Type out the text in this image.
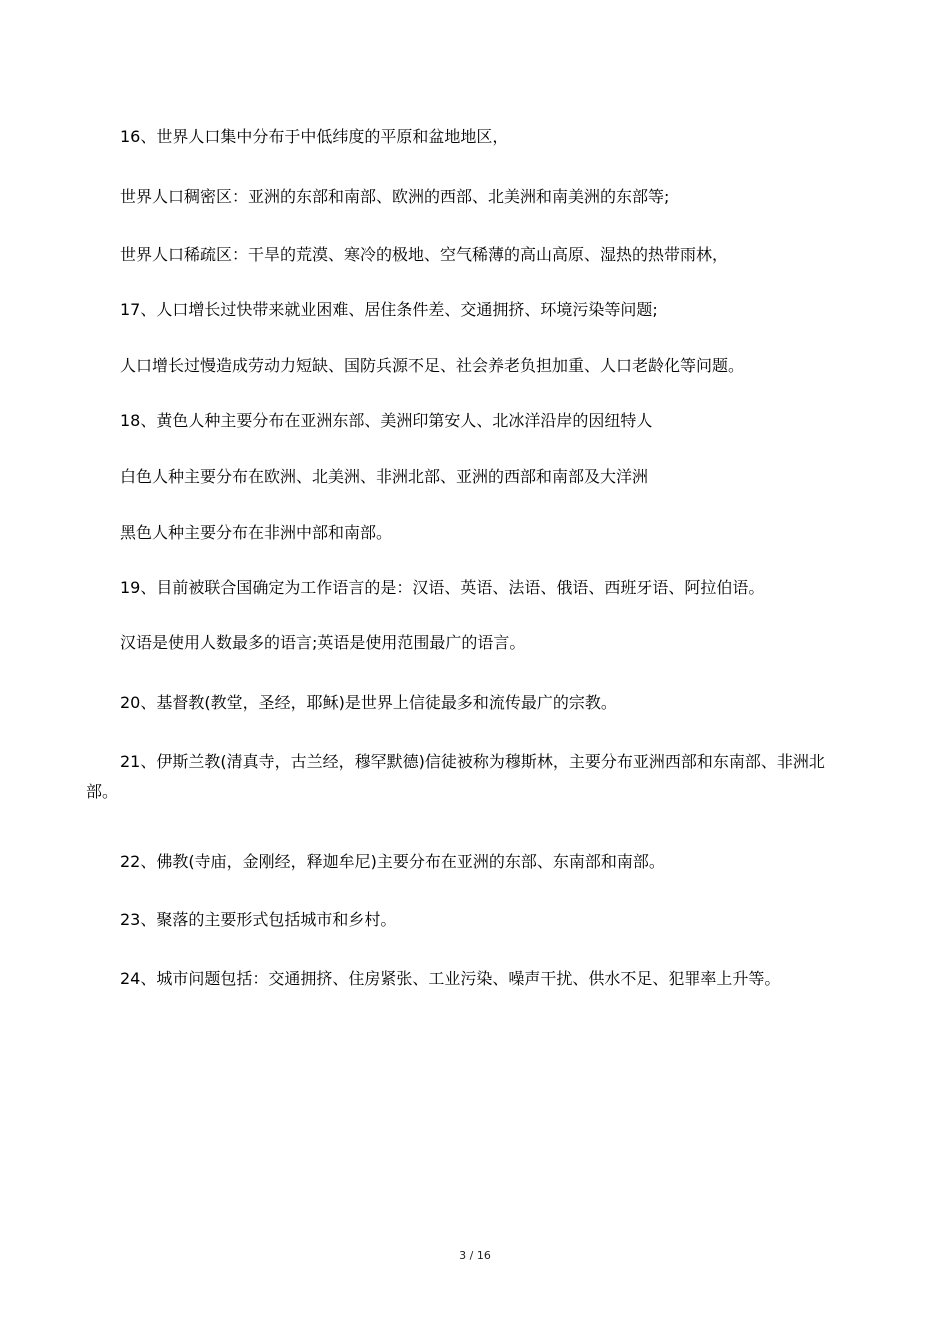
16、世界人口集中分布于中低纬度的平原和盆地地区，

世界人口稠密区：亚洲的东部和南部、欧洲的西部、北美洲和南美洲的东部等;

世界人口稀疏区：干旱的荒漠、寒冷的极地、空气稀薄的高山高原、湿热的热带雨林，

17、人口增长过快带来就业困难、居住条件差、交通拥挤、环境污染等问题;

人口增长过慢造成劳动力短缺、国防兵源不足、社会养老负担加重、人口老龄化等问题。

18、黄色人种主要分布在亚洲东部、美洲印第安人、北冰洋沿岸的因纽特人

白色人种主要分布在欧洲、北美洲、非洲北部、亚洲的西部和南部及大洋洲

黑色人种主要分布在非洲中部和南部。

19、目前被联合国确定为工作语言的是：汉语、英语、法语、俄语、西班牙语、阿拉伯语。

汉语是使用人数最多的语言;英语是使用范围最广的语言。

20、基督教(教堂，圣经，耶稣)是世界上信徒最多和流传最广的宗教。

21、伊斯兰教(清真寺，古兰经，穆罕默德)信徒被称为穆斯林，主要分布亚洲西部和东南部、非洲北部。

22、佛教(寺庙，金刚经，释迦牟尼)主要分布在亚洲的东部、东南部和南部。

23、聚落的主要形式包括城市和乡村。

24、城市问题包括：交通拥挤、住房紧张、工业污染、噪声干扰、供水不足、犯罪率上升等。

3 / 16
